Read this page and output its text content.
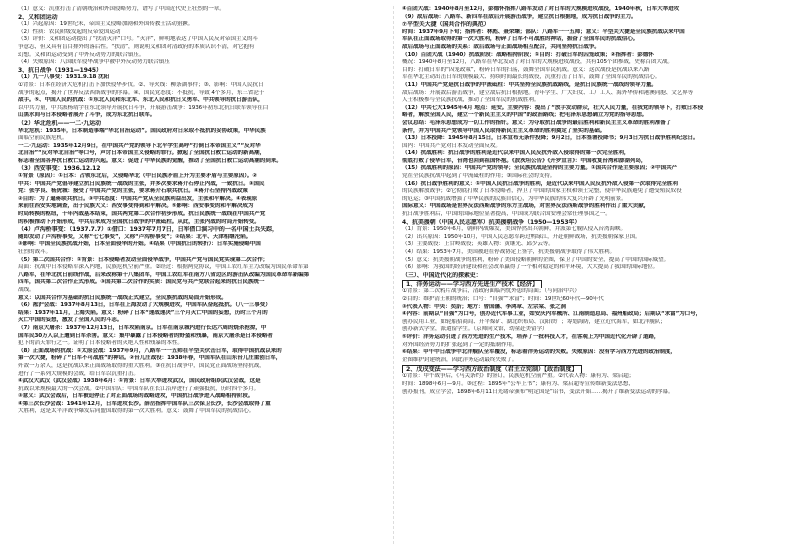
（1）意义：沉重打击了清朝统治和外国侵略势力，谱写了中国近代史上壮烈的一章。
2、义和团运动
（1）兴起原因：19世纪末，帝国主义侵略加剧和外国传教士活动猖獗。
（2）性质：农民阶级发起的反帝爱国运动
（3）评价：义和团运动提出了“扶清灭洋”口号。“灭洋”，鲜明地表达了中国人民反对帝国主义的斗
争意志，但又具有盲目排外的落后性。“扶清”，则说明义和团对清政府的本质认识不清，对它抱有
幻想。义和团运动受到了中外反动势力的联合镇压。
（4）失败原因：八国联军侵华战争中被中外反动势力联合镇压
3、抗日战争（1931—1945）
（1）九一八事变：1931.9.18 沈阳
①背景：日本在经济大危机打击下加快侵华步伐。②、导火线：柳条湖事件；③、影响：中国人民抗日
战争的起点，揭开了世界反法西斯战争的序幕。④、国民党态度：不抵抗，导致 4个多月，东三省沦于
敌手。⑤、中国人民的抗战：①东北人民和东北军、东北人民和抗日义勇军、中共领导的抗日游击队，
以中共力量，中共派杨靖宇在东北领导开展抗日斗争，开展游击战争：1936年初东北抗日联军领导在白
山黑水间与日本侵略者展开了斗争，成为东北抗日联军。
（2）华北危机——一二·九运动
华北危机：1935年，日本制造事端“华北自治运动”。国民政府对日采取不抵抗的妥协政策，中华民族
面临空前民族危机。
一二·九运动：1935年12月9日，在中国共产党的领导下北平学生高呼“打倒日本帝国主义”“反对华
北自治”“反对华北自治”等口号，声讨日本帝国主义侵略的罪行。掀起了全国抗日救亡运动的新高潮，
标志着全国各界抗日救亡运动的兴起。意义：促进了中华民族的觉醒，推动了全国抗日救亡运动高潮的到来。
（3）西安事变：1936.12.12
①背景（原因）：①日本：占领东北后，又侵略华北（中日民族矛盾上升为主要矛盾与主要原因）。②
中共：中国共产党倡导建立抗日民族统一战线的主张，并多次要求蒋介石停止内战，一致抗日。③国民
党：张学良、杨虎城：接受了中国共产党的主张，要求蒋介石联共抗日。④蒋介石坚持内战政策
②目的：为了逼蒋联共抗日。③中共态度：中国共产党从全民族利益出发，主张和平解决。④表现原
来前往西安实地调查，出于民族大义：西安事变得到和平解决。⑤影响：西安事变的和平解决成为
时局转换的枢纽，十年内战基本结束，国共两党第二次合作初步形成。抗日民族统一战线在中国共产党
的积极推动下开始形成，中共后来成为全国抗日战争的中流砥柱。从此，主张内战的时局开始转变。
（4）卢沟桥事变：（1937.7.7）①借口：1937年7月7日，日军借口演习中的一名中国士兵失踪，
随即发动了卢沟桥事变，又称“七七事变”，又称“卢沟桥事变”；②结果：北平、天津相继沦陷。
③影响：中国全民族抗战开始，日本全面侵华的开始。④结果（中国抗日的转折）：日军实施侵略中国
壮烈的战斗。
（5）第二次国共合作：①背景：日本侵略者发动全面侵华战争，中国共产党与国民党实现第二次合作；
局面：抗战中日本侵略军深入内地，民族危机空前严重。②经过：根据两党协议，中国工农红军主力改编为国民革命军第
八路军，在华北抗日前线作战，后来改称第十八集团军，中国工农红军在南方八省边区的游击队改编为国民革命军新编第
四军，国共第二次合作正式形成。③国共第二次合作的实质：国民党与共产党联合起来的抗日民族统一
战线。
意义：以国共合作为基础的抗日民族统一战线正式建立，全民族抗战的局面开始形成。
（6）淞沪会战：1937年8月13日，日军在上海发动了大规模进攻，中国军队奋起抵抗。（八一三事变）
结果：1937年11月，上海失陷。意义：粉碎了日本“速战速决”三个月灭亡中国的妄想，历时三个月的
灭亡中国的妄想，激发了全国人民的斗志。
（7）南京大屠杀：1937年12月13日，日军攻陷南京。日军在南京城内进行长达六周的烧杀抢掠，中
国军民30万人以上遭到日军杀害。意义：集中暴露了日本侵略者的野蛮和残暴，南京大屠杀是日本侵略者
犯下的滔天罪行之一。证明了日本侵略者的灭绝人性和残暴的本性。
（8）正面战场的抗战：①太原会战：1937年9月，八路军一一五师在平型关伏击日军，取得中国抗战以来的
第一次大捷，粉碎了“日军不可战胜”的神话。②台儿庄战役：1938年春，中国军队在山东台儿庄重创日军，
歼敌一万余人，这是抗战以来正面战场取得的重大胜利。③在抗日战争中，国民党正面战场坚持抗战，
进行了一系列大规模的会战，给日军以沉重打击。
④武汉大武汉（武汉会战）1938年6月：①背景：日军大举进攻武汉，国民政府组织武汉会战，这是
抗战以来规模最大的一次会战。②中国军队：中国军队在长江沿岸进行了顽强抵抗，历时四个多月。
③意义：武汉会战后，日军被迫停止了对正面战场的战略进攻，中国抗日战争进入战略相持阶段。
④第三次长沙会战：1941年12月，日军进攻长沙。薛岳指挥中国军队三次保卫长沙，长沙会战取得了重
大胜利，这是太平洋战争爆发后同盟国取得的第一次大胜利。意义：鼓舞了中国军民的抗战信心。
④百团大战：1940年8月至12月，彭德怀指挥八路军发动了对日军的大规模进攻战役，1940年秋，日军大举进攻
（9）敌后战场：八路军、新四军在敌后开展游击战争，建立抗日根据地，成为抗日战争的主力。
⑦平型关大捷（国共合作的典范）
时间：1937年9月下旬；指挥者：林彪、聂荣臻；部队：八路军一一五师；意义：平型关大捷是全民族抗战以来中国
军队在正面战场取得的第一次大胜利，粉碎了日军不可战胜的神话，振奋了全国军民的抗战信心。
敌后战场与正面战场的关系：敌后战场与正面战场相互配合，共同坚持抗日战争。
（10）百团大战（1940）抗战阶段：战略相持阶段；①目的：打破日军的囚笼政策；②指挥者：彭德怀
概况：1940年8月至12月，八路军在华北发动了对日军的大规模进攻战役，共有105个团参战，史称百团大战。
目的：打破日军的“囚笼政策”，粉碎日军的扫荡，鼓舞全国军民抗战。意义：这次战役是抗战以来八路
军在华北主动出击日军的规模最大、持续时间最长的战役，沉重打击了日军，鼓舞了全国军民的抗战信心。
（11）中国共产党是抗日战争的中流砥柱：中共坚持全民族抗战路线，是抗日民族统一战线的领导力量。
敌后战场：开展敌后游击战争，建立敌后抗日根据地。青年学生、广大妇女、工厂工人、海外华侨和港澳同胞、文艺界等
人士积极参与全民族抗战，推动了全国军民的抗战胜利。
（12）中共七大1945年4月 地点：延安。主要内容：提出了“放手发动群众，壮大人民力量，在我党的领导下，打败日本侵
略者，解放全国人民，建立一个新民主主义的中国”的政治路线；把毛泽东思想确立为党的指导思想。
会议总结：毛泽东思想成为一切工作的指针。意义：为夺取抗日战争的最后胜利和新民主主义革命的胜利准备了
条件，并为中国共产党领导中国人民取得新民主主义革命的胜利奠定了坚实的基础。
（13）日本投降：1945年8月15日，日本宣布无条件投降；9月2日，日本签署投降书；9月3日为抗日战争胜利纪念日。
国内：中国共产党对日本发动全面反攻。
（14）抗战胜利：抗日战争的胜利是近代以来中国人民反抗外敌入侵取得的第一次完全胜利，
彻底打败了侵华日军，台湾也回到祖国怀抱。《波茨坦公告》《开罗宣言》：中国收复台湾和澎湖列岛，
（15）抗战胜利的原因：中国共产党的领导；全民族抗战是坚持的主要力量。①国共合作是主要原因；②中国共产
党在全民族抗战中起到了中流砥柱的作用；③国际社会的支持。
（16）抗日战争胜利的意义：①中国人民抗日战争的胜利，是近代以来中国人民反抗外敌入侵第一次取得完全胜利
的民族解放战争；②它彻底打败了日本侵略者，捍卫了中国的国家主权和领土完整，使中华民族避免了遭受殖民奴役
的厄运；③中国抗战增强了中华民族的民族自信心，为中华民族的伟大复兴开辟了光明前景。
国际意义：中国战场是世界反法西斯战争的东方主战场，对世界反法西斯战争的胜利作出了重大贡献，
抗日战争胜利后，中国的国际地位显著提高，中国成为联合国安理会常任理事国之一。
4、抗美援朝（中国人民志愿军）抗美援朝战争（1950—1953年）
（1）背景：1950年6月，朝鲜内战爆发，美国悍然出兵朝鲜，并派第七舰队侵入台湾海峡。
（2）出兵原因：1950年10月，中国人民志愿军跨过鸭绿江，开赴朝鲜战场，抗美援朝保家卫国。
（3）主要战役：上甘岭战役；英雄人物：黄继光、邱少云等。
（4）结果：1953年7月，美国被迫在停战协定上签字，抗美援朝战争取得了伟大胜利。
（5）意义：抗美援朝战争的胜利，粉碎了美国侵略朝鲜的企图，保卫了中国的安全，提高了中国的国际威望。
（6）影响：为我国的经济建设和社会改革赢得了一个相对稳定的和平环境，大大提高了我国的国际地位。
（三）、中国近代化的探索史：
1、洋务运动——学习西方先进生产技术【经济】
①背景：第二次鸦片战争后，清政府面临内忧外患的局面；（与同治中兴）
②目的：维护清王朝的统治；口号：“自强”“求富”；时间：19世纪60年代—90年代
③代表人物：中央：奕訢；地方：曾国藩、李鸿章、左宗棠、张之洞
④内容：前期以“自强”为口号，创办近代军事工业，如安庆内军械所、江南制造总局、福州船政局；后期以“求富”为口号，
创办民用工业，如轮船招商局、开平煤矿、湖北织布局、汉阳铁厂；筹划海防，建立近代海军，如北洋舰队；
创办新式学堂，派遣留学生。（京师同文馆，幼童赴美留学）
⑤评价：洋务运动引进了西方先进的生产技术，培养了一批科技人才，在客观上为中国近代化开辟了道路，
对外国经济势力的扩张起到了一定的抵制作用。
⑥结果：甲午中日战争中北洋舰队全军覆没，标志着洋务运动的失败。失败原因：没有学习西方先进的政治制度，
企图维护封建统治，因此洋务运动最终失败了。
2、戊戌变法——学习西方政治制度（君主立宪制）【政治制度】
①背景：甲午战争后，《马关条约》的签订，民族危机空前严重。②代表人物：康有为、梁启超；
时间：1898年6月—9月。③过程：1895年“公车上书”；康有为、梁启超等宣传维新变法思想，
创办报刊，成立学会，1898年6月11日光绪帝颁布“明定国是”诏书，变法开始……揭开了维新变法运动的序幕。
